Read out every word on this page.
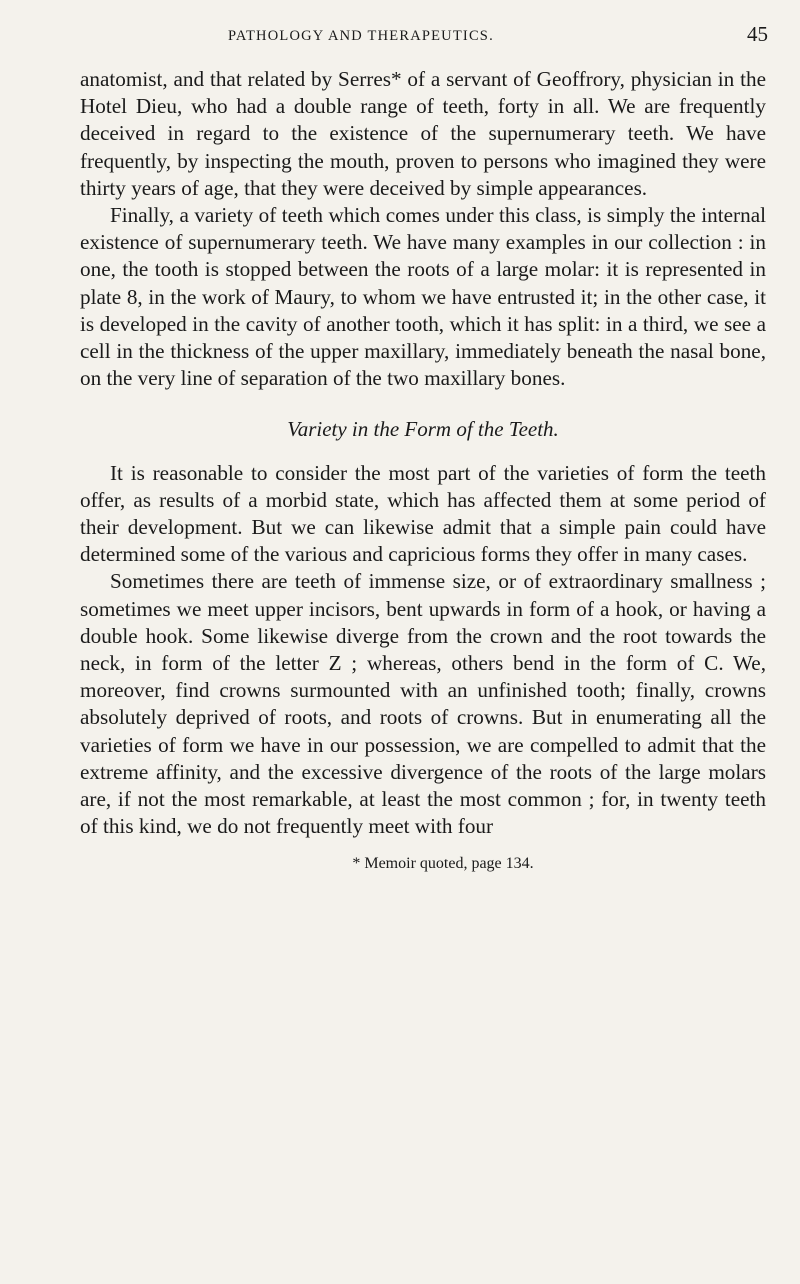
PATHOLOGY AND THERAPEUTICS.	45

anatomist, and that related by Serres* of a servant of Geoffrory, physician in the Hotel Dieu, who had a double range of teeth, forty in all. We are frequently deceived in regard to the existence of the supernumerary teeth. We have frequently, by inspecting the mouth, proven to persons who imagined they were thirty years of age, that they were deceived by simple appearances.

Finally, a variety of teeth which comes under this class, is simply the internal existence of supernumerary teeth. We have many examples in our collection : in one, the tooth is stopped between the roots of a large molar: it is represented in plate 8, in the work of Maury, to whom we have entrusted it; in the other case, it is developed in the cavity of another tooth, which it has split: in a third, we see a cell in the thickness of the upper maxillary, immediately beneath the nasal bone, on the very line of separation of the two maxillary bones.

Variety in the Form of the Teeth.

It is reasonable to consider the most part of the varieties of form the teeth offer, as results of a morbid state, which has affected them at some period of their development. But we can likewise admit that a simple pain could have determined some of the various and capricious forms they offer in many cases.

Sometimes there are teeth of immense size, or of extraordinary smallness ; sometimes we meet upper incisors, bent upwards in form of a hook, or having a double hook. Some likewise diverge from the crown and the root towards the neck, in form of the letter Z ; whereas, others bend in the form of C. We, moreover, find crowns surmounted with an unfinished tooth; finally, crowns absolutely deprived of roots, and roots of crowns. But in enumerating all the varieties of form we have in our possession, we are compelled to admit that the extreme affinity, and the excessive divergence of the roots of the large molars are, if not the most remarkable, at least the most common ; for, in twenty teeth of this kind, we do not frequently meet with four

* Memoir quoted, page 134.
